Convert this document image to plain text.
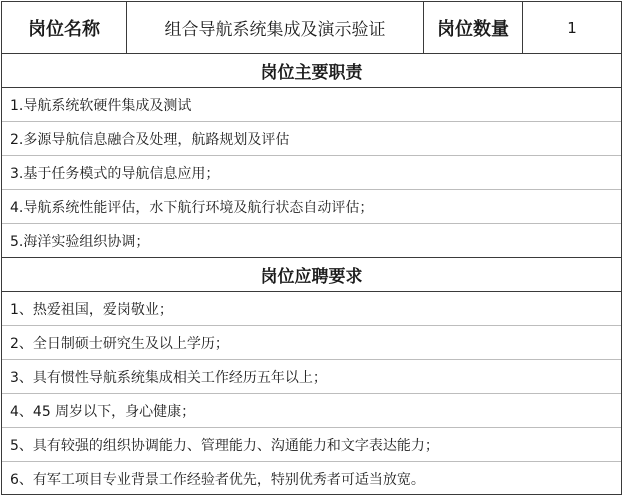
岗位名称	组合导航系统集成及演示验证	岗位数量	1
岗位主要职责
1.导航系统软硬件集成及测试
2.多源导航信息融合及处理，航路规划及评估
3.基于任务模式的导航信息应用；
4.导航系统性能评估，水下航行环境及航行状态自动评估；
5.海洋实验组织协调；
岗位应聘要求
1、热爱祖国，爱岗敬业；
2、全日制硕士研究生及以上学历；
3、具有惯性导航系统集成相关工作经历五年以上；
4、45 周岁以下，身心健康；
5、具有较强的组织协调能力、管理能力、沟通能力和文字表达能力；
6、有军工项目专业背景工作经验者优先，特别优秀者可适当放宽。
